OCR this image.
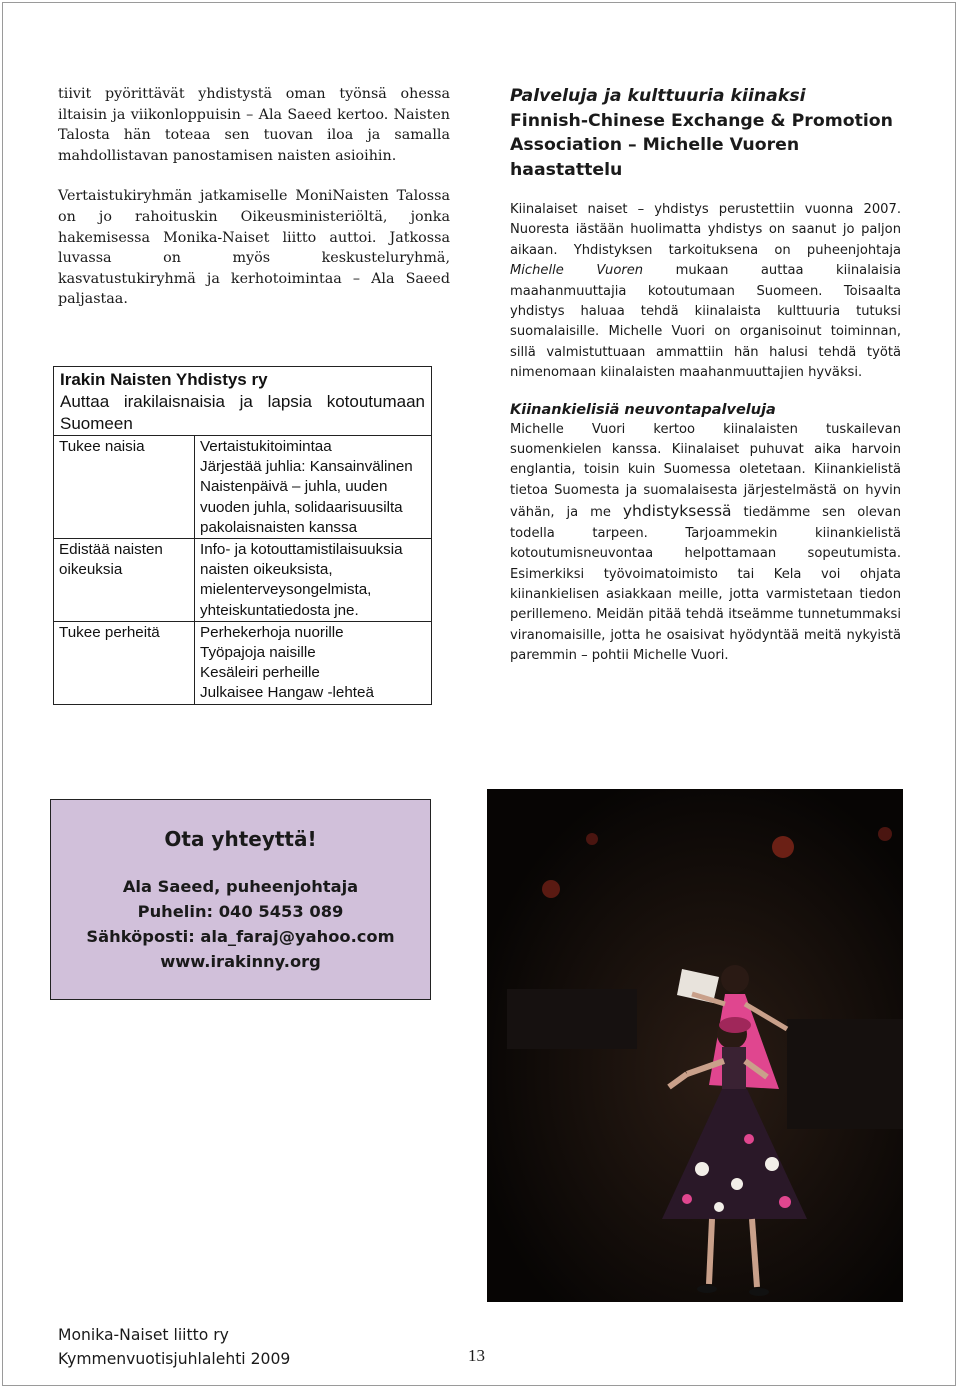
tiivit pyörittävät yhdistystä oman työnsä ohessa iltaisin ja viikonloppuisin – Ala Saeed kertoo. Naisten Talosta hän toteaa sen tuovan iloa ja samalla mahdollistavan panostamisen naisten asioihin.

Vertaistukiryhmän jatkamiselle MoniNaisten Talossa on jo rahoituskin Oikeusministeriöltä, jonka hakemisessa Monika-Naiset liitto auttoi. Jatkossa luvassa on myös keskusteluryhmä, kasvatustukiryhmä ja kerhotoimintaa – Ala Saeed paljastaa.

Irakin Naisten Yhdistys ry
Auttaa irakilaisnaisia ja lapsia kotoutumaan Suomeen	

Tukee naisia	Vertaistukitoimintaa
Järjestää juhlia: Kansainvälinen Naistenpäivä – juhla, uuden vuoden juhla, solidaarisuusilta pakolaisnaisten kanssa

Edistää naisten oikeuksia	Info- ja kotouttamistilaisuuksia naisten oikeuksista, mielenterveysongelmista, yhteiskuntatiedosta jne.

Tukee perheitä	Perhekerhoja nuorille
Työpajoja naisille
Kesäleiri perheille
Julkaisee Hangaw -lehteä
Palveluja ja kulttuuria kiinaksi
Finnish-Chinese Exchange & Promotion Association – Michelle Vuoren haastattelu

Kiinalaiset naiset – yhdistys perustettiin vuonna 2007. Nuoresta iästään huolimatta yhdistys on saanut jo paljon aikaan. Yhdistyksen tarkoituksena on puheenjohtaja Michelle Vuoren mukaan auttaa kiinalaisia maahanmuuttajia kotoutumaan Suomeen. Toisaalta yhdistys haluaa tehdä kiinalaista kulttuuria tutuksi suomalaisille. Michelle Vuori on organisoinut toiminnan, sillä valmistuttuaan ammattiin hän halusi tehdä työtä nimenomaan kiinalaisten maahanmuuttajien hyväksi.

Kiinankielisiä neuvontapalveluja

Michelle Vuori kertoo kiinalaisten tuskailevan suomenkielen kanssa. Kiinalaiset puhuvat aika harvoin englantia, toisin kuin Suomessa oletetaan. Kiinankielistä tietoa Suomesta ja suomalaisesta järjestelmästä on hyvin vähän, ja me yhdistyksessä tiedämme sen olevan todella tarpeen. Tarjoammekin kiinankielistä kotoutumisneuvontaa helpottamaan sopeutumista. Esimerkiksi työvoimatoimisto tai Kela voi ohjata kiinankielisen asiakkaan meille, jotta varmistetaan tiedon perillemeno. Meidän pitää tehdä itseämme tunnetummaksi viranomaisille, jotta he osaisivat hyödyntää meitä nykyistä paremmin – pohtii Michelle Vuori.

Ota yhteyttä!
Ala Saeed, puheenjohtaja
Puhelin: 040 5453 089
Sähköposti: ala_faraj@yahoo.com
www.irakinny.org
Monika-Naiset liitto ry
Kymmenvuotisjuhlalehti 2009	13
